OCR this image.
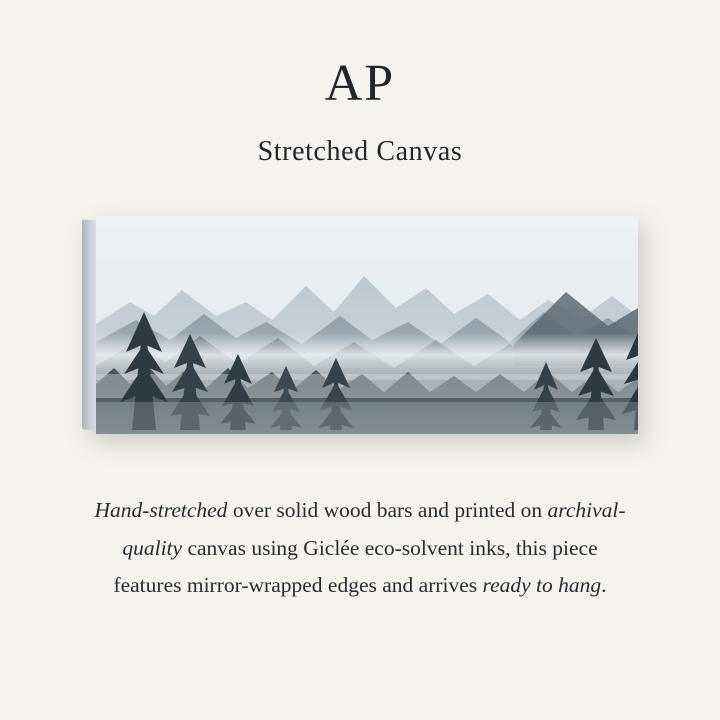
AP
Stretched Canvas
Hand-stretched over solid wood bars and printed on archival-quality canvas using Giclée eco-solvent inks, this piece features mirror-wrapped edges and arrives ready to hang.
